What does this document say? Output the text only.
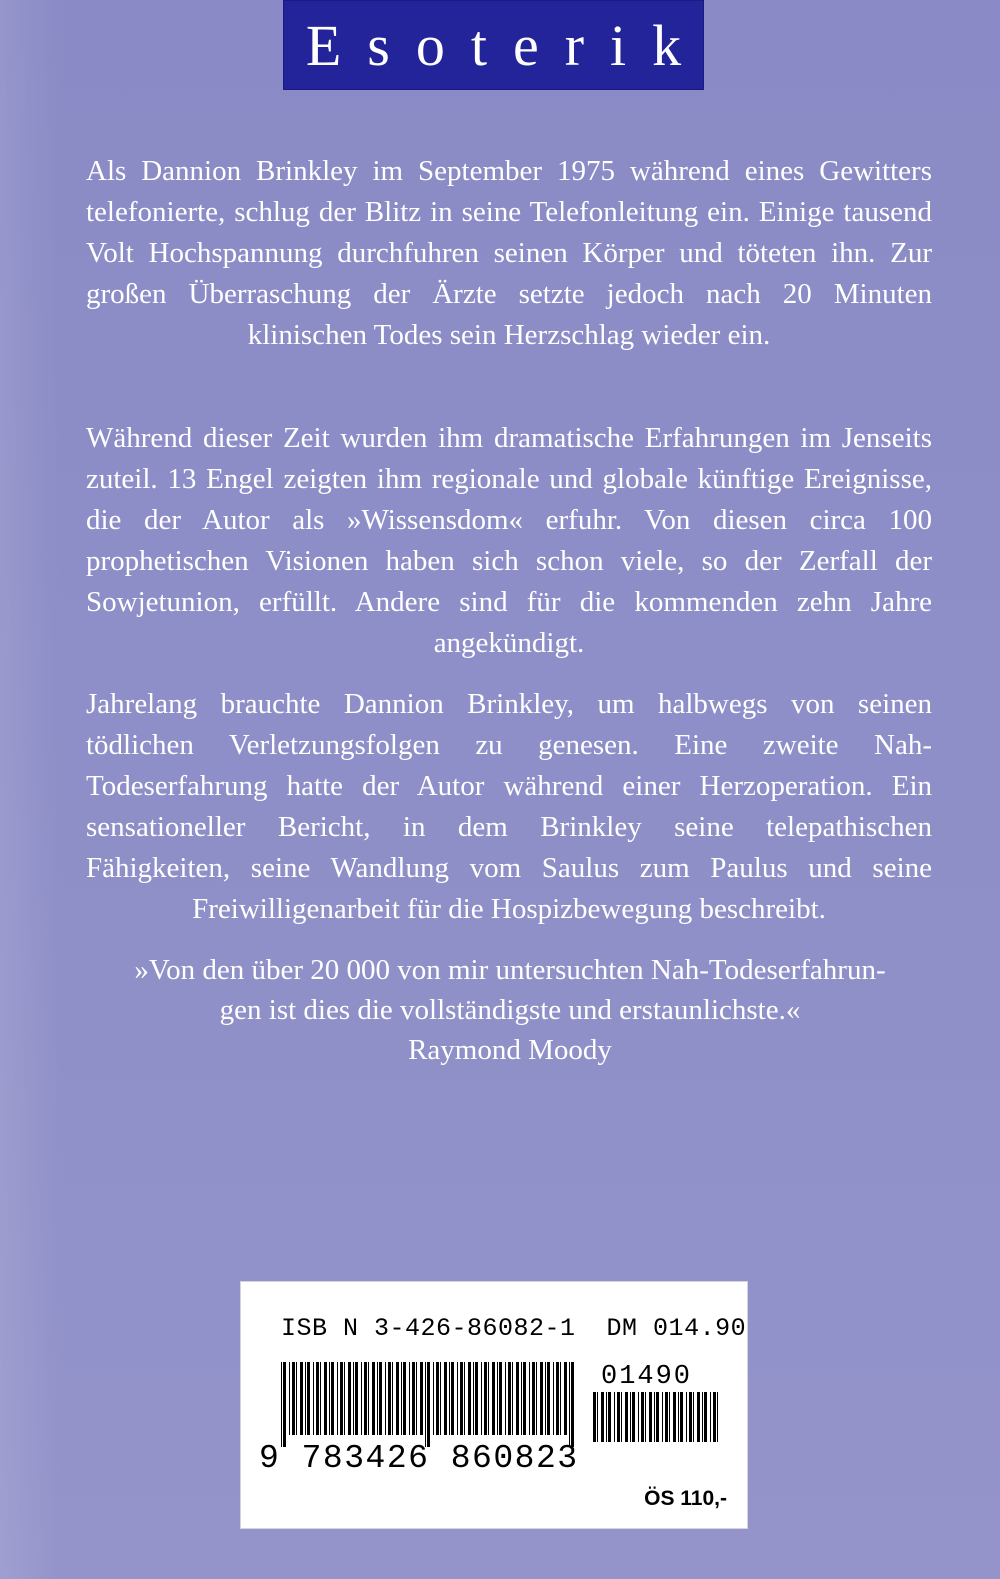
Esoterik

Als Dannion Brinkley im September 1975 während eines Gewitters telefonierte, schlug der Blitz in seine Telefonleitung ein. Einige tausend Volt Hochspannung durchfuhren seinen Körper und töteten ihn. Zur großen Überraschung der Ärzte setzte jedoch nach 20 Minuten klinischen Todes sein Herzschlag wieder ein.

Während dieser Zeit wurden ihm dramatische Erfahrungen im Jenseits zuteil. 13 Engel zeigten ihm regionale und globale künftige Ereignisse, die der Autor als »Wissensdom« erfuhr. Von diesen circa 100 prophetischen Visionen haben sich schon viele, so der Zerfall der Sowjetunion, erfüllt. Andere sind für die kommenden zehn Jahre angekündigt.

Jahrelang brauchte Dannion Brinkley, um halbwegs von seinen tödlichen Verletzungsfolgen zu genesen. Eine zweite Nah-Todeserfahrung hatte der Autor während einer Herzoperation. Ein sensationeller Bericht, in dem Brinkley seine telepathischen Fähigkeiten, seine Wandlung vom Saulus zum Paulus und seine Freiwilligenarbeit für die Hospizbewegung beschreibt.

»Von den über 20 000 von mir untersuchten Nah-Todeserfahrun-
gen ist dies die vollständigste und erstaunlichste.«
Raymond Moody
ISB N 3-426-86082-1  DM 014.90
01490
9 783426 860823
ÖS 110,-
